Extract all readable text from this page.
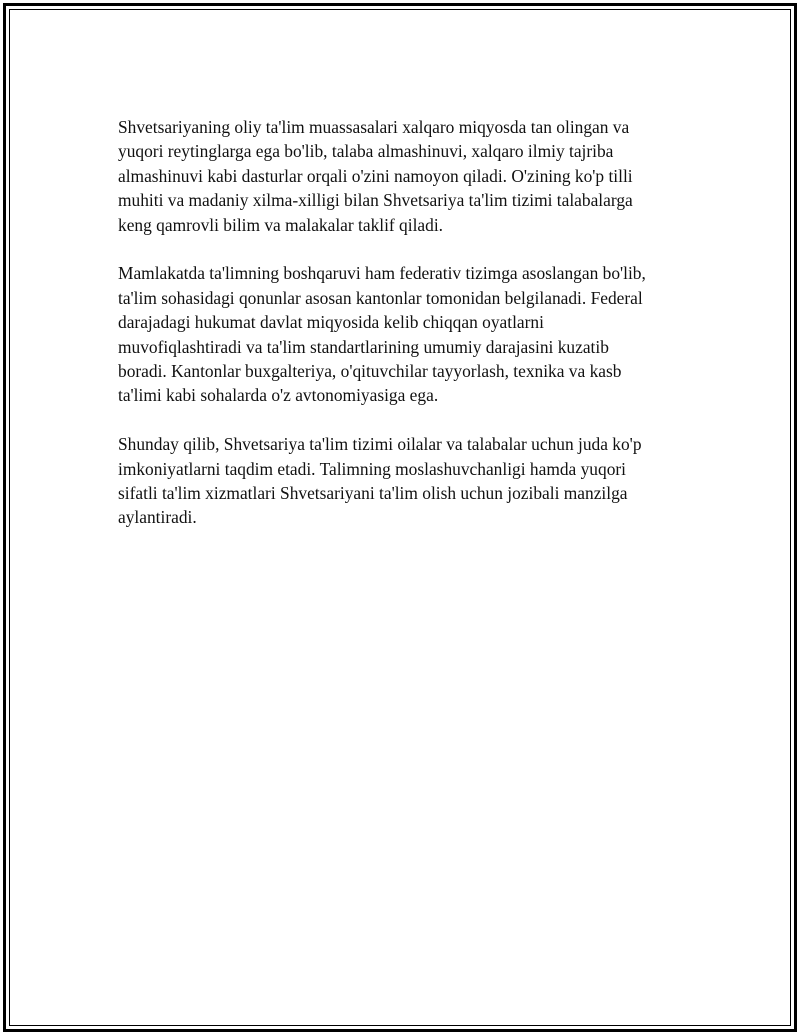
Shvetsariyaning oliy ta'lim muassasalari xalqaro miqyosda tan olingan va
yuqori reytinglarga ega bo'lib, talaba almashinuvi, xalqaro ilmiy tajriba
almashinuvi kabi dasturlar orqali o'zini namoyon qiladi. O'zining ko'p tilli
muhiti va madaniy xilma-xilligi bilan Shvetsariya ta'lim tizimi talabalarga
keng qamrovli bilim va malakalar taklif qiladi.

Mamlakatda ta'limning boshqaruvi ham federativ tizimga asoslangan bo'lib,
ta'lim sohasidagi qonunlar asosan kantonlar tomonidan belgilanadi. Federal
darajadagi hukumat davlat miqyosida kelib chiqqan oyatlarni
muvofiqlashtiradi va ta'lim standartlarining umumiy darajasini kuzatib
boradi. Kantonlar buxgalteriya, o'qituvchilar tayyorlash, texnika va kasb
ta'limi kabi sohalarda o'z avtonomiyasiga ega.

Shunday qilib, Shvetsariya ta'lim tizimi oilalar va talabalar uchun juda ko'p
imkoniyatlarni taqdim etadi. Talimning moslashuvchanligi hamda yuqori
sifatli ta'lim xizmatlari Shvetsariyani ta'lim olish uchun jozibali manzilga
aylantiradi.
